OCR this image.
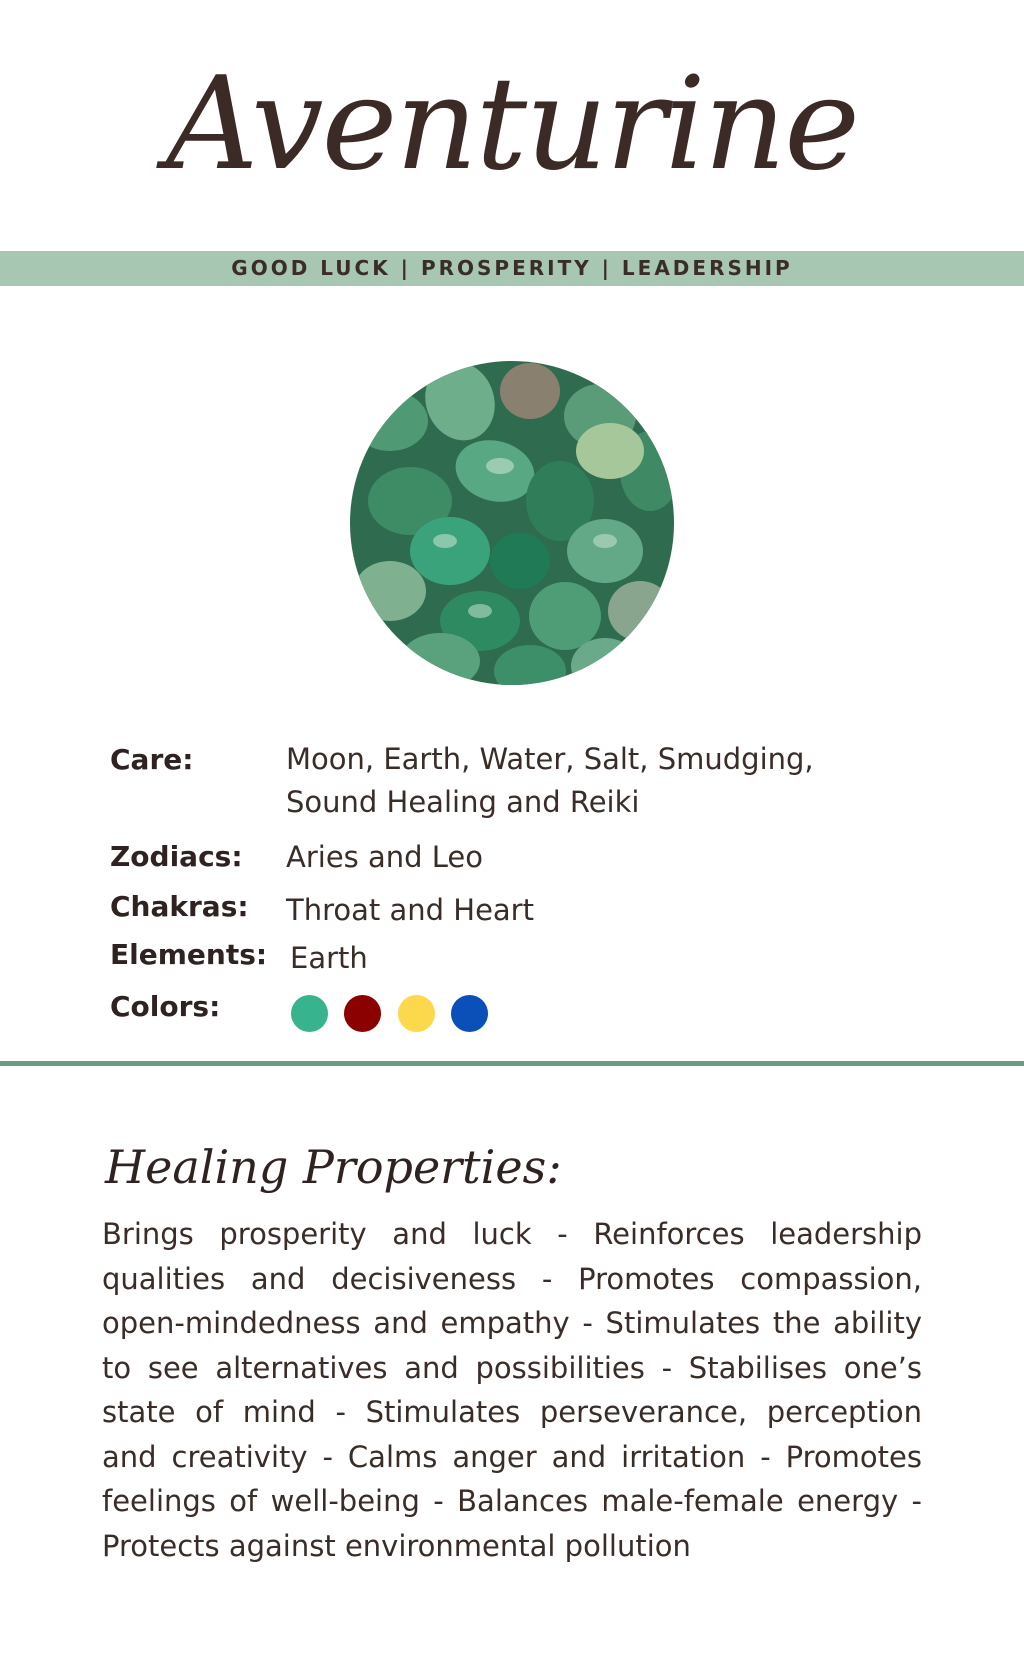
Aventurine
GOOD LUCK | PROSPERITY | LEADERSHIP
Care:	Moon, Earth, Water, Salt, Smudging,
Sound Healing and Reiki
Zodiacs: Aries and Leo
Chakras: Throat and Heart
Elements: Earth
Colors:
Healing Properties:
Brings prosperity and luck - Reinforces leadership qualities and decisiveness - Promotes compassion, open-mindedness and empathy - Stimulates the ability to see alternatives and possibilities - Stabilises one’s state of mind - Stimulates perseverance, perception and creativity - Calms anger and irritation - Promotes feelings of well-being - Balances male-female energy - Protects against environmental pollution
